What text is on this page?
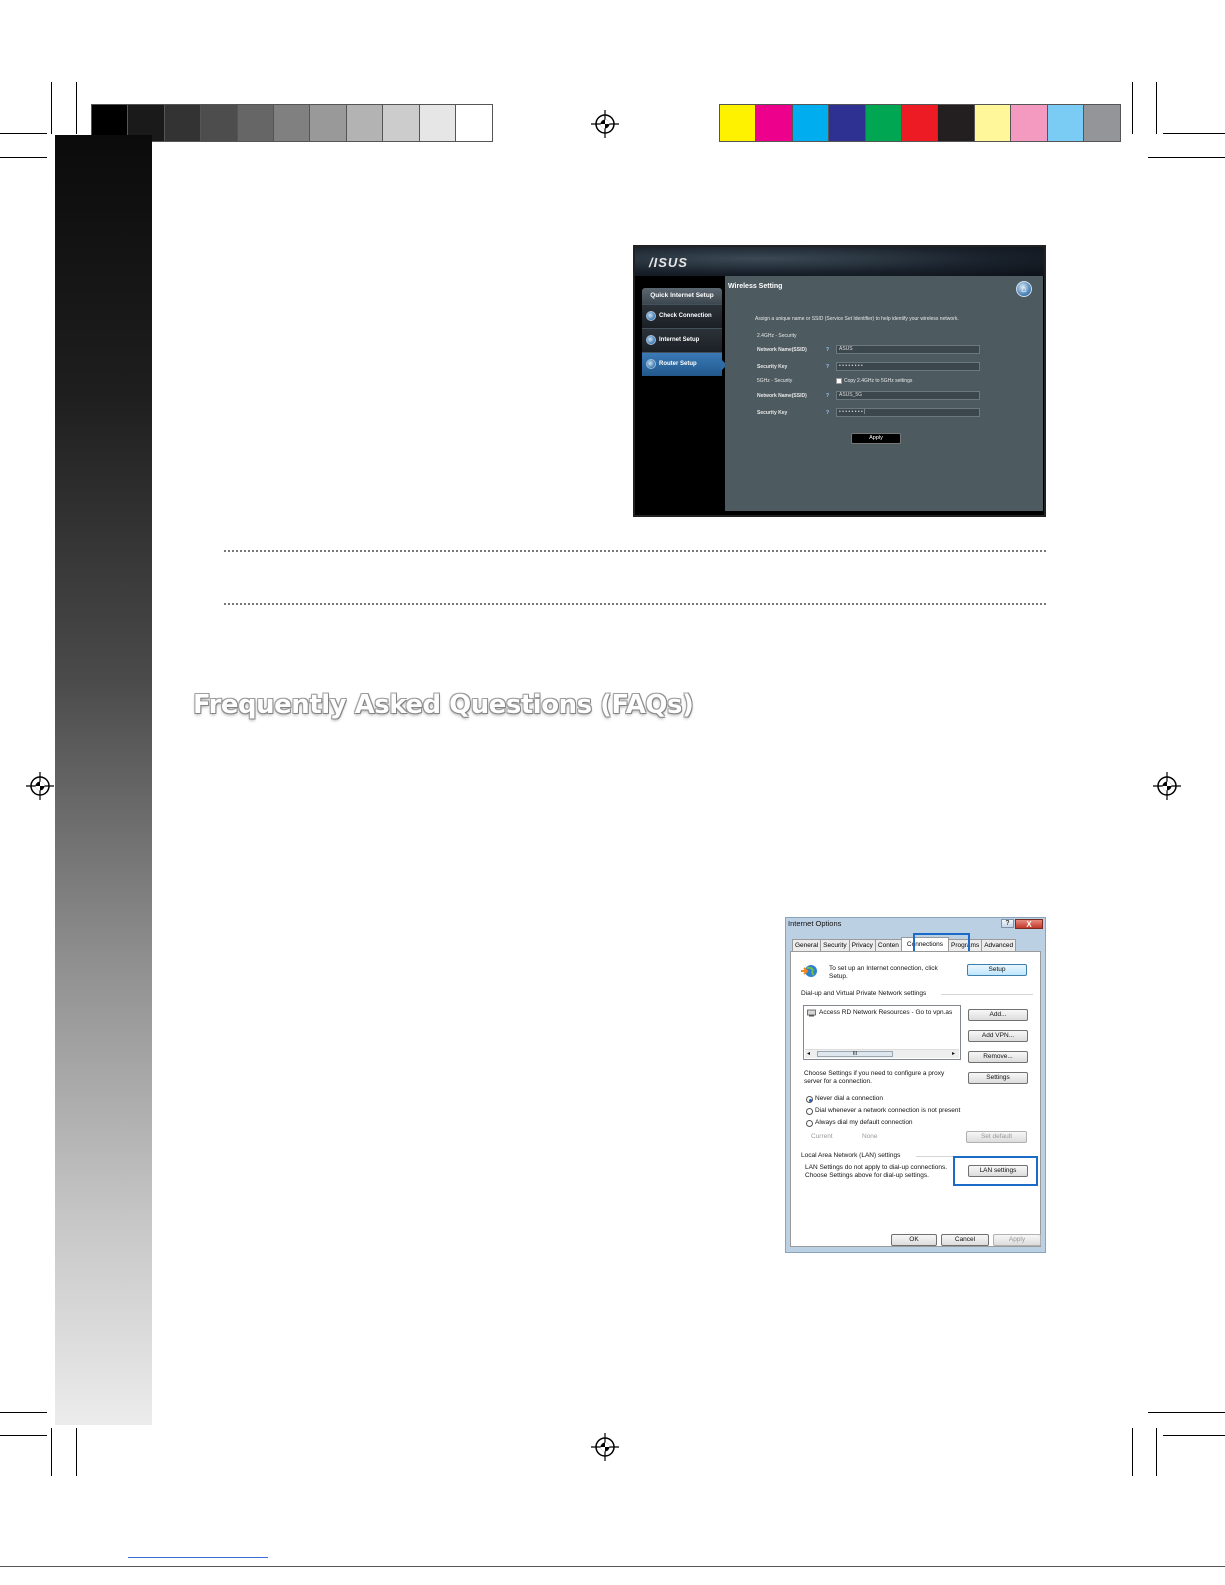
/ISUS
Quick Internet Setup
Check Connection
Internet Setup
Router Setup
Wireless Setting	⌂
Assign a unique name or SSID (Service Set Identifier) to help identify your wireless network.
2.4GHz - Security
Network Name(SSID)	?	ASUS
Security Key	?	• • • • • • • •
5GHz - Security	Copy 2.4GHz to 5GHz settings
Network Name(SSID)	?	ASUS_5G
Security Key	?	• • • • • • • • |
Apply
Frequently Asked Questions (FAQs)
Internet Options	?	X
General Security Privacy Conten	Connections	Programs Advanced
To set up an Internet connection, click
Setup.
Setup
Dial-up and Virtual Private Network settings
Access RD Network Resources - Go to vpn.as
◂	III	▸
Add...
Add VPN...
Remove...
Choose Settings if you need to configure a proxy
server for a connection.
Settings
Never dial a connection
Dial whenever a network connection is not present
Always dial my default connection
Current	None	Set default
Local Area Network (LAN) settings
LAN Settings do not apply to dial-up connections.
Choose Settings above for dial-up settings.
LAN settings
OK	Cancel	Apply
